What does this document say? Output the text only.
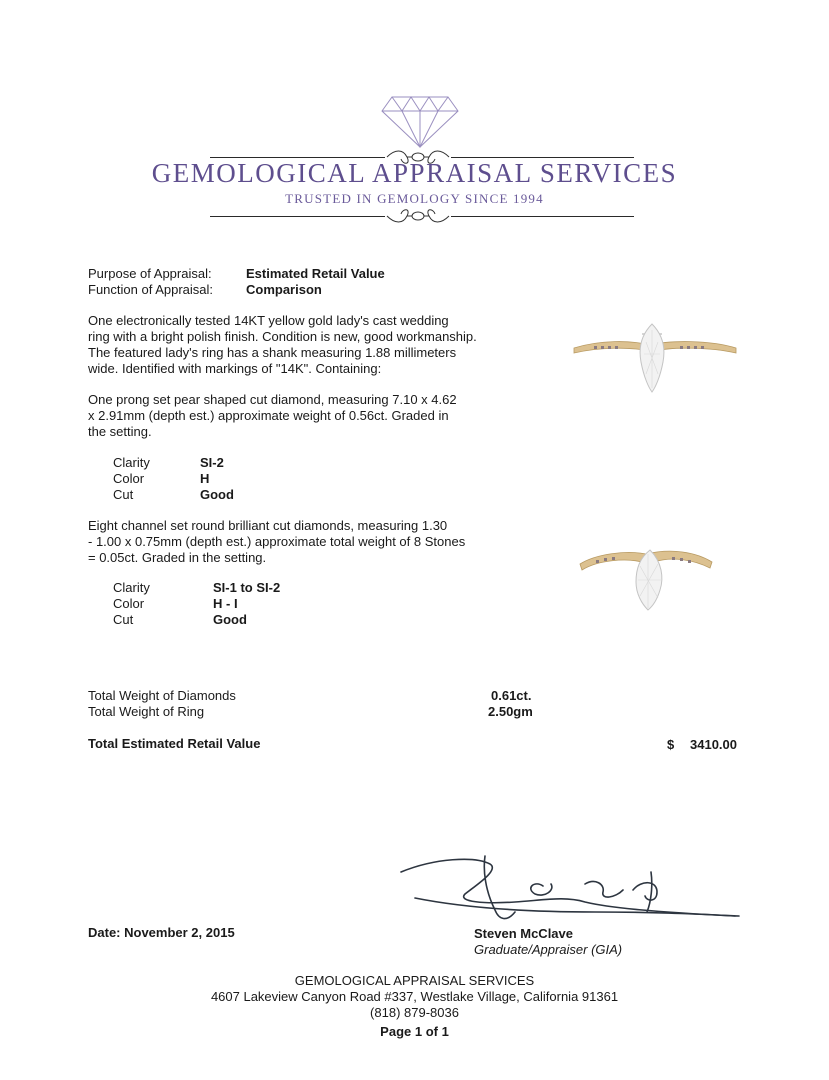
GEMOLOGICAL APPRAISAL SERVICES
TRUSTED IN GEMOLOGY SINCE 1994
Purpose of Appraisal:	Estimated Retail Value
Function of Appraisal:	Comparison
One electronically tested 14KT yellow gold lady's cast wedding
ring with a bright polish finish. Condition is new, good workmanship.
The featured lady's ring has a shank measuring 1.88 millimeters
wide. Identified with markings of "14K". Containing:
One prong set pear shaped cut diamond, measuring 7.10 x 4.62
x 2.91mm (depth est.) approximate weight of 0.56ct. Graded in
the setting.
Clarity	SI-2
Color	H
Cut	Good
Eight channel set round brilliant cut diamonds, measuring 1.30
- 1.00 x 0.75mm (depth est.) approximate total weight of 8 Stones
= 0.05ct. Graded in the setting.
Clarity	SI-1 to SI-2
Color	H - I
Cut	Good
Total Weight of Diamonds	0.61ct.
Total Weight of Ring	2.50gm
Total Estimated Retail Value	$ 3410.00
Date: November 2, 2015	Steven McClave
Graduate/Appraiser (GIA)
GEMOLOGICAL APPRAISAL SERVICES
4607 Lakeview Canyon Road #337, Westlake Village, California 91361
(818) 879-8036
Page 1 of 1
